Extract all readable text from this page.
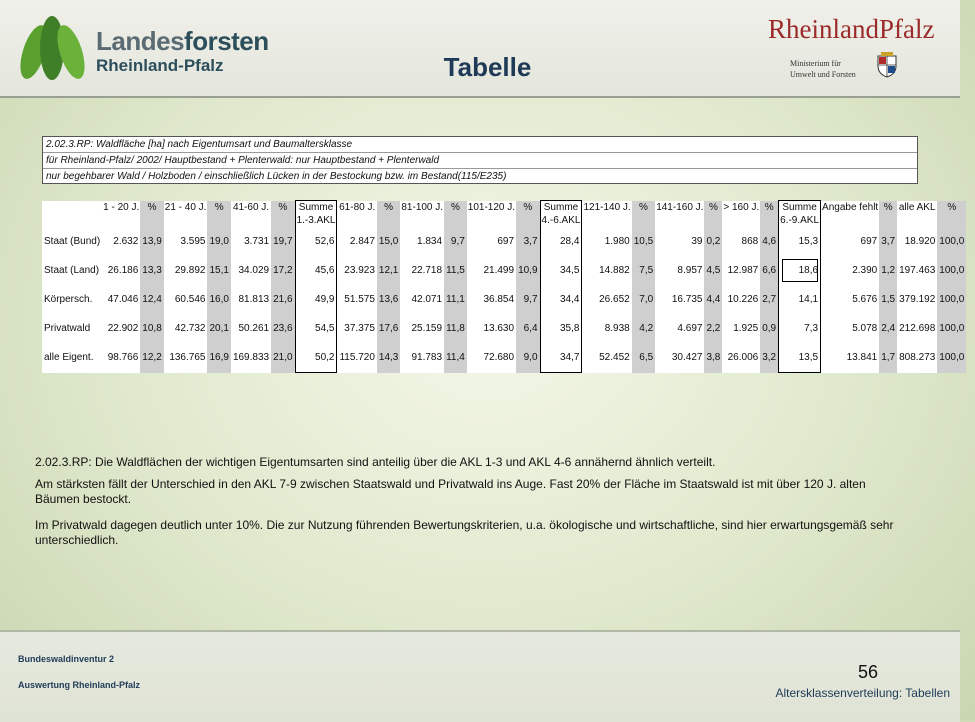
Landesforsten
Rheinland-Pfalz	Tabelle
RheinlandPfalz
Ministerium für
Umwelt und Forsten
2.02.3.RP: Waldfläche [ha] nach Eigentumsart und Baumaltersklasse
für Rheinland-Pfalz/ 2002/ Hauptbestand + Plenterwald: nur Hauptbestand + Plenterwald
nur begehbarer Wald / Holzboden / einschließlich Lücken in der Bestockung bzw. im Bestand(115/E235)
	1 - 20 J.	%	21 - 40 J.	%	41-60 J.	%	Summe	61-80 J.	%	81-100 J.	%	101-120 J.	%	Summe	121-140 J.	%	141-160 J.	%	> 160 J.	%	Summe	Angabe fehlt	%	alle AKL	%
							1.-3.AKL							4.-6.AKL							6.-9.AKL				
Staat (Bund)	2.632	13,9	3.595	19,0	3.731	19,7	52,6	2.847	15,0	1.834	9,7	697	3,7	28,4	1.980	10,5	39	0,2	868	4,6	15,3	697	3,7	18.920	100,0
Staat (Land)	26.186	13,3	29.892	15,1	34.029	17,2	45,6	23.923	12,1	22.718	11,5	21.499	10,9	34,5	14.882	7,5	8.957	4,5	12.987	6,6	18,6	2.390	1,2	197.463	100,0
Körpersch.	47.046	12,4	60.546	16,0	81.813	21,6	49,9	51.575	13,6	42.071	11,1	36.854	9,7	34,4	26.652	7,0	16.735	4,4	10.226	2,7	14,1	5.676	1,5	379.192	100,0
Privatwald	22.902	10,8	42.732	20,1	50.261	23,6	54,5	37.375	17,6	25.159	11,8	13.630	6,4	35,8	8.938	4,2	4.697	2,2	1.925	0,9	7,3	5.078	2,4	212.698	100,0
alle Eigent.	98.766	12,2	136.765	16,9	169.833	21,0	50,2	115.720	14,3	91.783	11,4	72.680	9,0	34,7	52.452	6,5	30.427	3,8	26.006	3,2	13,5	13.841	1,7	808.273	100,0
2.02.3.RP: Die Waldflächen der wichtigen Eigentumsarten sind anteilig über die AKL 1-3 und AKL 4-6 annähernd ähnlich verteilt.
Am stärksten fällt der Unterschied in den AKL 7-9 zwischen Staatswald und Privatwald ins Auge. Fast 20% der Fläche im Staatswald ist mit über 120 J. alten Bäumen bestockt.
Im Privatwald dagegen deutlich unter 10%. Die zur Nutzung führenden Bewertungskriterien, u.a. ökologische und wirtschaftliche, sind hier erwartungsgemäß sehr unterschiedlich.
Bundeswaldinventur 2
Auswertung Rheinland-Pfalz
56
Altersklassenverteilung: Tabellen
